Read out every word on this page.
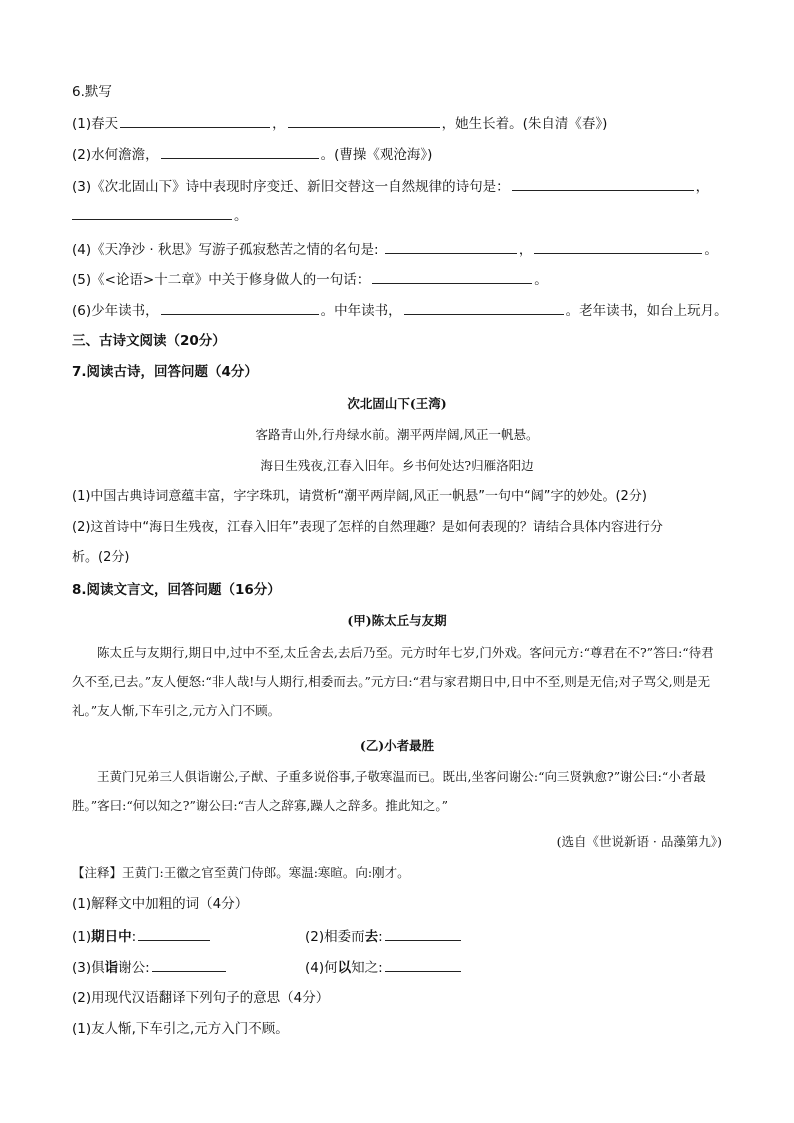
6.默写
(1)春天	，	，她生长着。(朱自清《春》)
(2)水何澹澹，	。(曹操《观沧海》)
(3)《次北固山下》诗中表现时序变迁、新旧交替这一自然规律的诗句是：	，
。
(4)《天净沙 · 秋思》写游子孤寂愁苦之情的名句是:	，	。
(5)《<论语>十二章》中关于修身做人的一句话：	。
(6)少年读书，	。中年读书，	。老年读书，如台上玩月。
三、古诗文阅读（20分）
7.阅读古诗，回答问题（4分）
次北固山下(王湾)
客路青山外,行舟绿水前。潮平两岸阔,风正一帆悬。
海日生残夜,江春入旧年。乡书何处达?归雁洛阳边
(1)中国古典诗词意蕴丰富，字字珠玑，请赏析“潮平两岸阔,风正一帆悬”一句中“阔”字的妙处。(2分)
(2)这首诗中“海日生残夜，江春入旧年”表现了怎样的自然理趣？是如何表现的？请结合具体内容进行分
析。(2分)
8.阅读文言文，回答问题（16分）
(甲)陈太丘与友期
陈太丘与友期行,期日中,过中不至,太丘舍去,去后乃至。元方时年七岁,门外戏。客问元方:“尊君在不?”答曰:“待君久不至,已去。”友人便怒:“非人哉!与人期行,相委而去。”元方曰:“君与家君期日中,日中不至,则是无信;对子骂父,则是无礼。”友人惭,下车引之,元方入门不顾。
(乙)小者最胜
王黄门兄弟三人俱诣谢公,子猷、子重多说俗事,子敬寒温而已。既出,坐客问谢公:“向三贤孰愈?”谢公曰:“小者最胜。”客曰:“何以知之?”谢公曰:“吉人之辞寡,躁人之辞多。推此知之。”
(选自《世说新语 · 品藻第九》)
【注释】王黄门:王徽之官至黄门侍郎。寒温:寒暄。向:刚才。
(1)解释文中加粗的词（4分）
(1)期日中:	(2)相委而去:
(3)俱诣谢公:	(4)何以知之:
(2)用现代汉语翻译下列句子的意思（4分）
(1)友人惭,下车引之,元方入门不顾。
